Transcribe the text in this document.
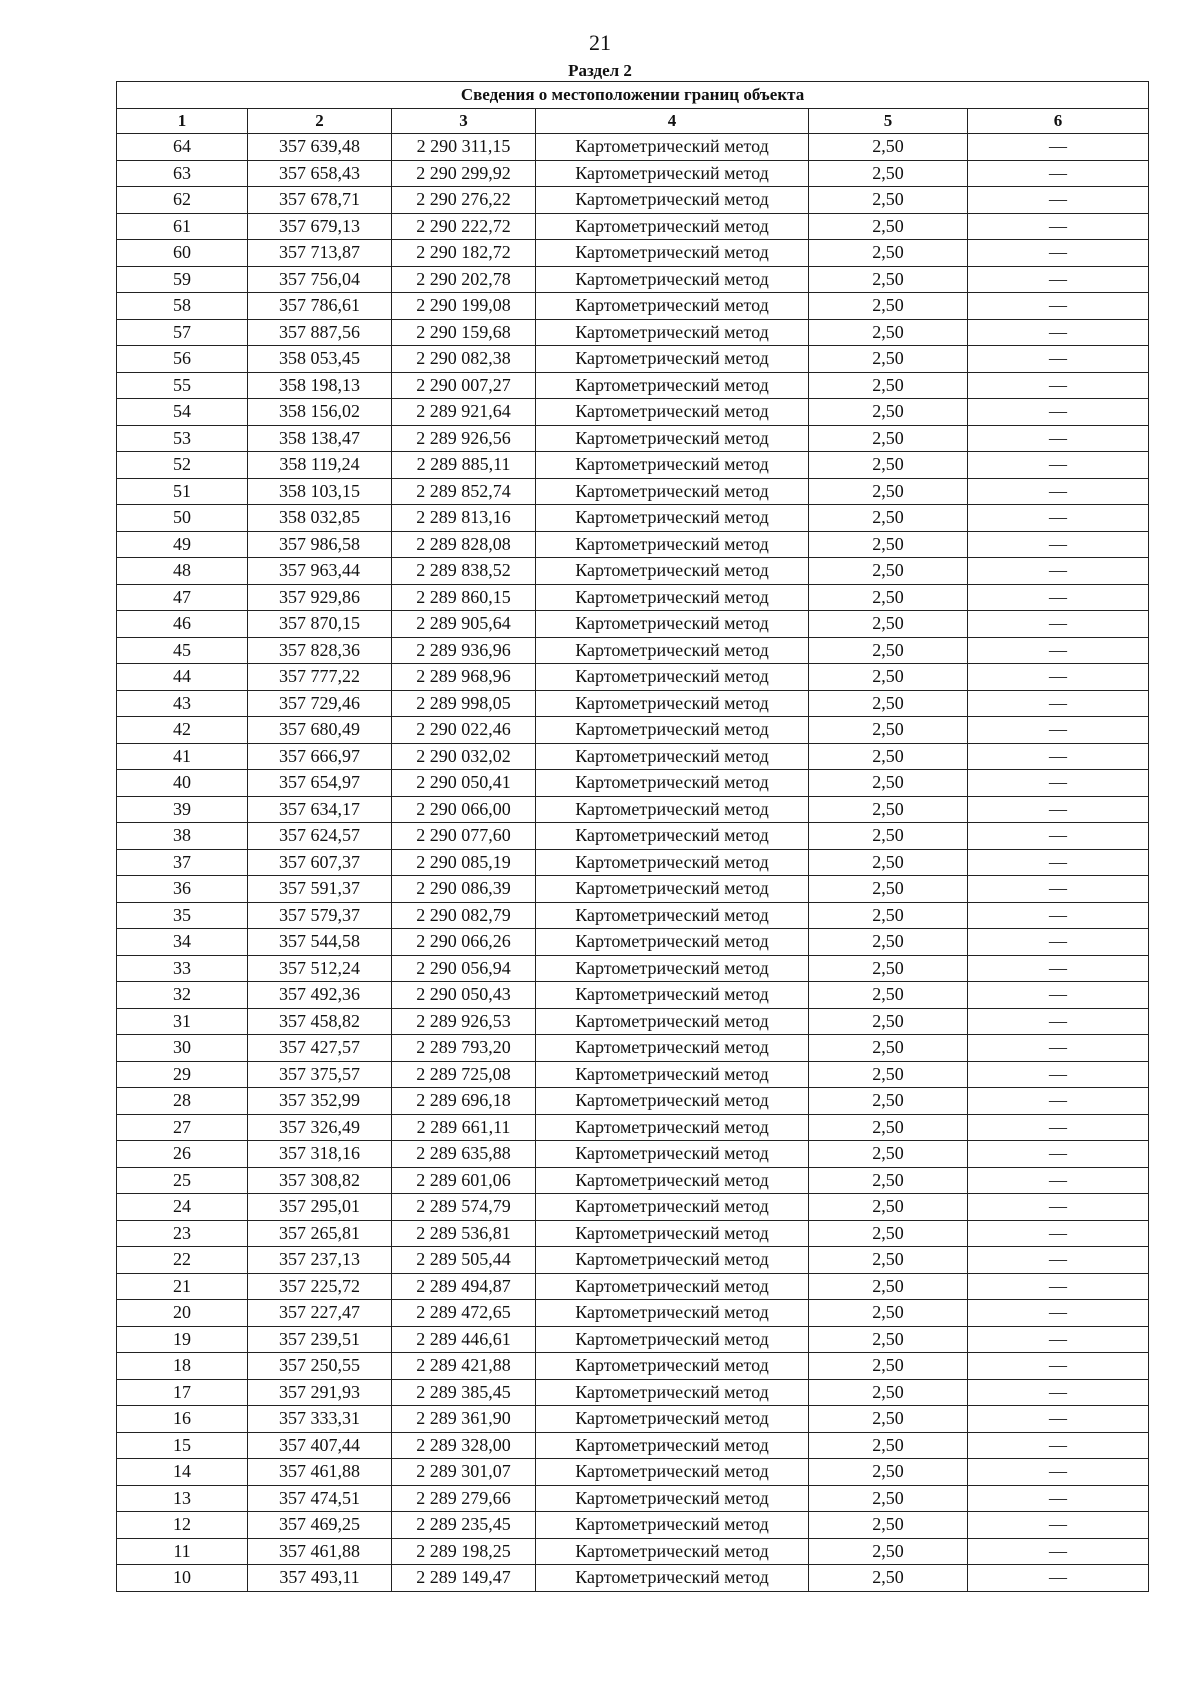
21
Раздел 2
Сведения о местоположении границ объекта					
1	2	3	4	5	6
64	357 639,48	2 290 311,15	Картометрический метод	2,50	—
63	357 658,43	2 290 299,92	Картометрический метод	2,50	—
62	357 678,71	2 290 276,22	Картометрический метод	2,50	—
61	357 679,13	2 290 222,72	Картометрический метод	2,50	—
60	357 713,87	2 290 182,72	Картометрический метод	2,50	—
59	357 756,04	2 290 202,78	Картометрический метод	2,50	—
58	357 786,61	2 290 199,08	Картометрический метод	2,50	—
57	357 887,56	2 290 159,68	Картометрический метод	2,50	—
56	358 053,45	2 290 082,38	Картометрический метод	2,50	—
55	358 198,13	2 290 007,27	Картометрический метод	2,50	—
54	358 156,02	2 289 921,64	Картометрический метод	2,50	—
53	358 138,47	2 289 926,56	Картометрический метод	2,50	—
52	358 119,24	2 289 885,11	Картометрический метод	2,50	—
51	358 103,15	2 289 852,74	Картометрический метод	2,50	—
50	358 032,85	2 289 813,16	Картометрический метод	2,50	—
49	357 986,58	2 289 828,08	Картометрический метод	2,50	—
48	357 963,44	2 289 838,52	Картометрический метод	2,50	—
47	357 929,86	2 289 860,15	Картометрический метод	2,50	—
46	357 870,15	2 289 905,64	Картометрический метод	2,50	—
45	357 828,36	2 289 936,96	Картометрический метод	2,50	—
44	357 777,22	2 289 968,96	Картометрический метод	2,50	—
43	357 729,46	2 289 998,05	Картометрический метод	2,50	—
42	357 680,49	2 290 022,46	Картометрический метод	2,50	—
41	357 666,97	2 290 032,02	Картометрический метод	2,50	—
40	357 654,97	2 290 050,41	Картометрический метод	2,50	—
39	357 634,17	2 290 066,00	Картометрический метод	2,50	—
38	357 624,57	2 290 077,60	Картометрический метод	2,50	—
37	357 607,37	2 290 085,19	Картометрический метод	2,50	—
36	357 591,37	2 290 086,39	Картометрический метод	2,50	—
35	357 579,37	2 290 082,79	Картометрический метод	2,50	—
34	357 544,58	2 290 066,26	Картометрический метод	2,50	—
33	357 512,24	2 290 056,94	Картометрический метод	2,50	—
32	357 492,36	2 290 050,43	Картометрический метод	2,50	—
31	357 458,82	2 289 926,53	Картометрический метод	2,50	—
30	357 427,57	2 289 793,20	Картометрический метод	2,50	—
29	357 375,57	2 289 725,08	Картометрический метод	2,50	—
28	357 352,99	2 289 696,18	Картометрический метод	2,50	—
27	357 326,49	2 289 661,11	Картометрический метод	2,50	—
26	357 318,16	2 289 635,88	Картометрический метод	2,50	—
25	357 308,82	2 289 601,06	Картометрический метод	2,50	—
24	357 295,01	2 289 574,79	Картометрический метод	2,50	—
23	357 265,81	2 289 536,81	Картометрический метод	2,50	—
22	357 237,13	2 289 505,44	Картометрический метод	2,50	—
21	357 225,72	2 289 494,87	Картометрический метод	2,50	—
20	357 227,47	2 289 472,65	Картометрический метод	2,50	—
19	357 239,51	2 289 446,61	Картометрический метод	2,50	—
18	357 250,55	2 289 421,88	Картометрический метод	2,50	—
17	357 291,93	2 289 385,45	Картометрический метод	2,50	—
16	357 333,31	2 289 361,90	Картометрический метод	2,50	—
15	357 407,44	2 289 328,00	Картометрический метод	2,50	—
14	357 461,88	2 289 301,07	Картометрический метод	2,50	—
13	357 474,51	2 289 279,66	Картометрический метод	2,50	—
12	357 469,25	2 289 235,45	Картометрический метод	2,50	—
11	357 461,88	2 289 198,25	Картометрический метод	2,50	—
10	357 493,11	2 289 149,47	Картометрический метод	2,50	—
